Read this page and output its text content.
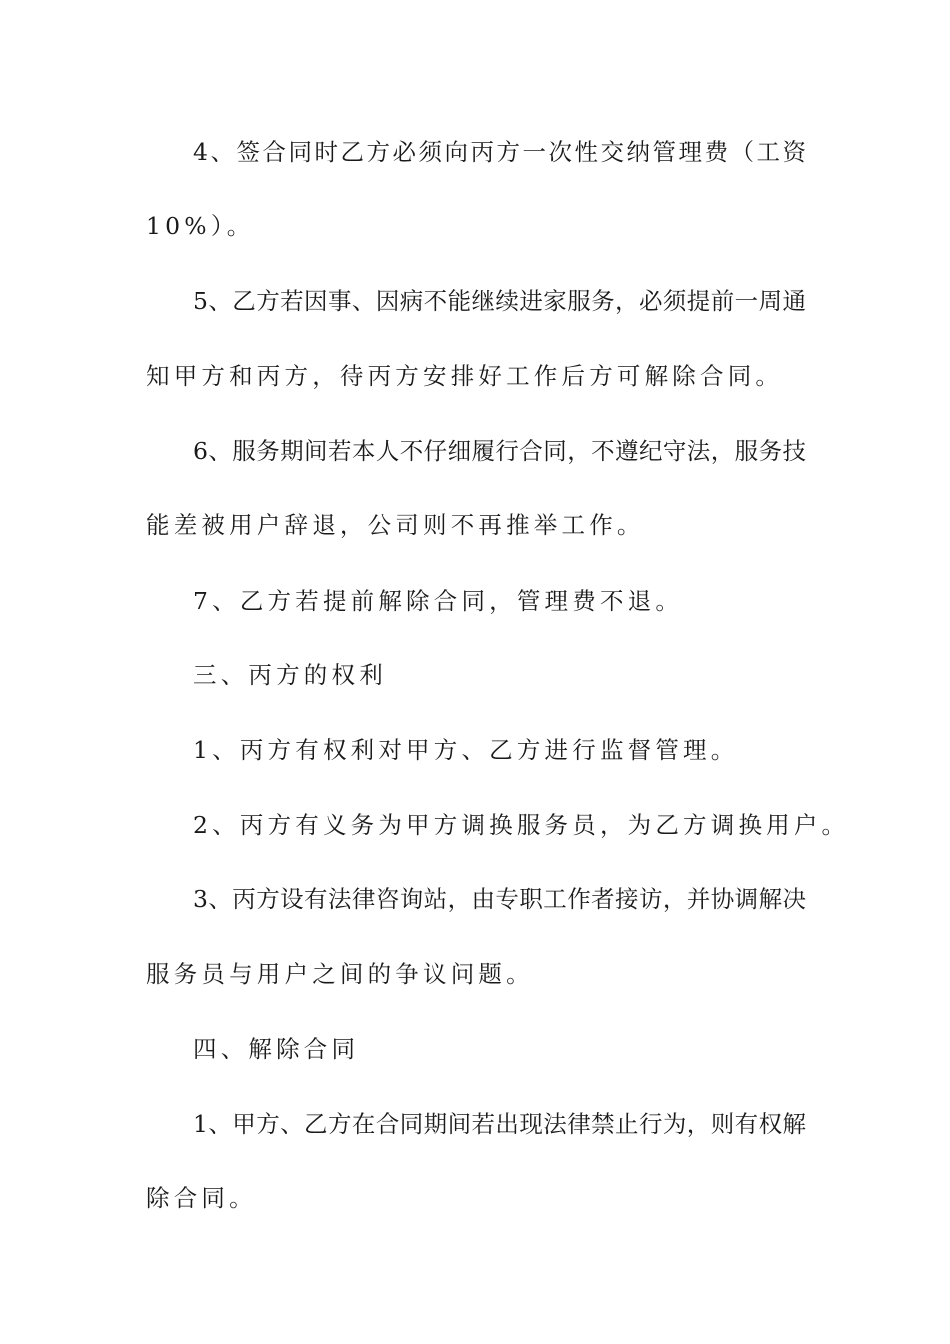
4、签合同时乙方必须向丙方一次性交纳管理费（工资
10%）。
5、乙方若因事、因病不能继续进家服务，必须提前一周通
知甲方和丙方，待丙方安排好工作后方可解除合同。
6、服务期间若本人不仔细履行合同，不遵纪守法，服务技
能差被用户辞退，公司则不再推举工作。
7、乙方若提前解除合同，管理费不退。
三、丙方的权利
1、丙方有权利对甲方、乙方进行监督管理。
2、丙方有义务为甲方调换服务员，为乙方调换用户。
3、丙方设有法律咨询站，由专职工作者接访，并协调解决
服务员与用户之间的争议问题。
四、解除合同
1、甲方、乙方在合同期间若出现法律禁止行为，则有权解
除合同。
